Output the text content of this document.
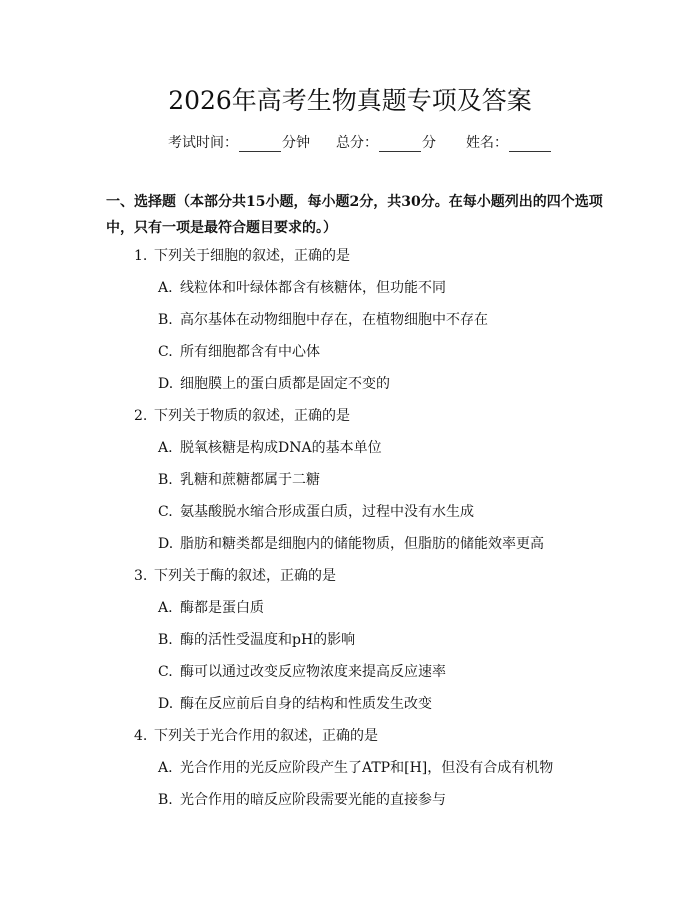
2026年高考生物真题专项及答案
考试时间：	分钟 总分：	分 姓名：
一、选择题（本部分共15小题，每小题2分，共30分。在每小题列出的四个选项中，只有一项是最符合题目要求的。）
1. 下列关于细胞的叙述，正确的是
A. 线粒体和叶绿体都含有核糖体，但功能不同
B. 高尔基体在动物细胞中存在，在植物细胞中不存在
C. 所有细胞都含有中心体
D. 细胞膜上的蛋白质都是固定不变的
2. 下列关于物质的叙述，正确的是
A. 脱氧核糖是构成DNA的基本单位
B. 乳糖和蔗糖都属于二糖
C. 氨基酸脱水缩合形成蛋白质，过程中没有水生成
D. 脂肪和糖类都是细胞内的储能物质，但脂肪的储能效率更高
3. 下列关于酶的叙述，正确的是
A. 酶都是蛋白质
B. 酶的活性受温度和pH的影响
C. 酶可以通过改变反应物浓度来提高反应速率
D. 酶在反应前后自身的结构和性质发生改变
4. 下列关于光合作用的叙述，正确的是
A. 光合作用的光反应阶段产生了ATP和[H]，但没有合成有机物
B. 光合作用的暗反应阶段需要光能的直接参与
